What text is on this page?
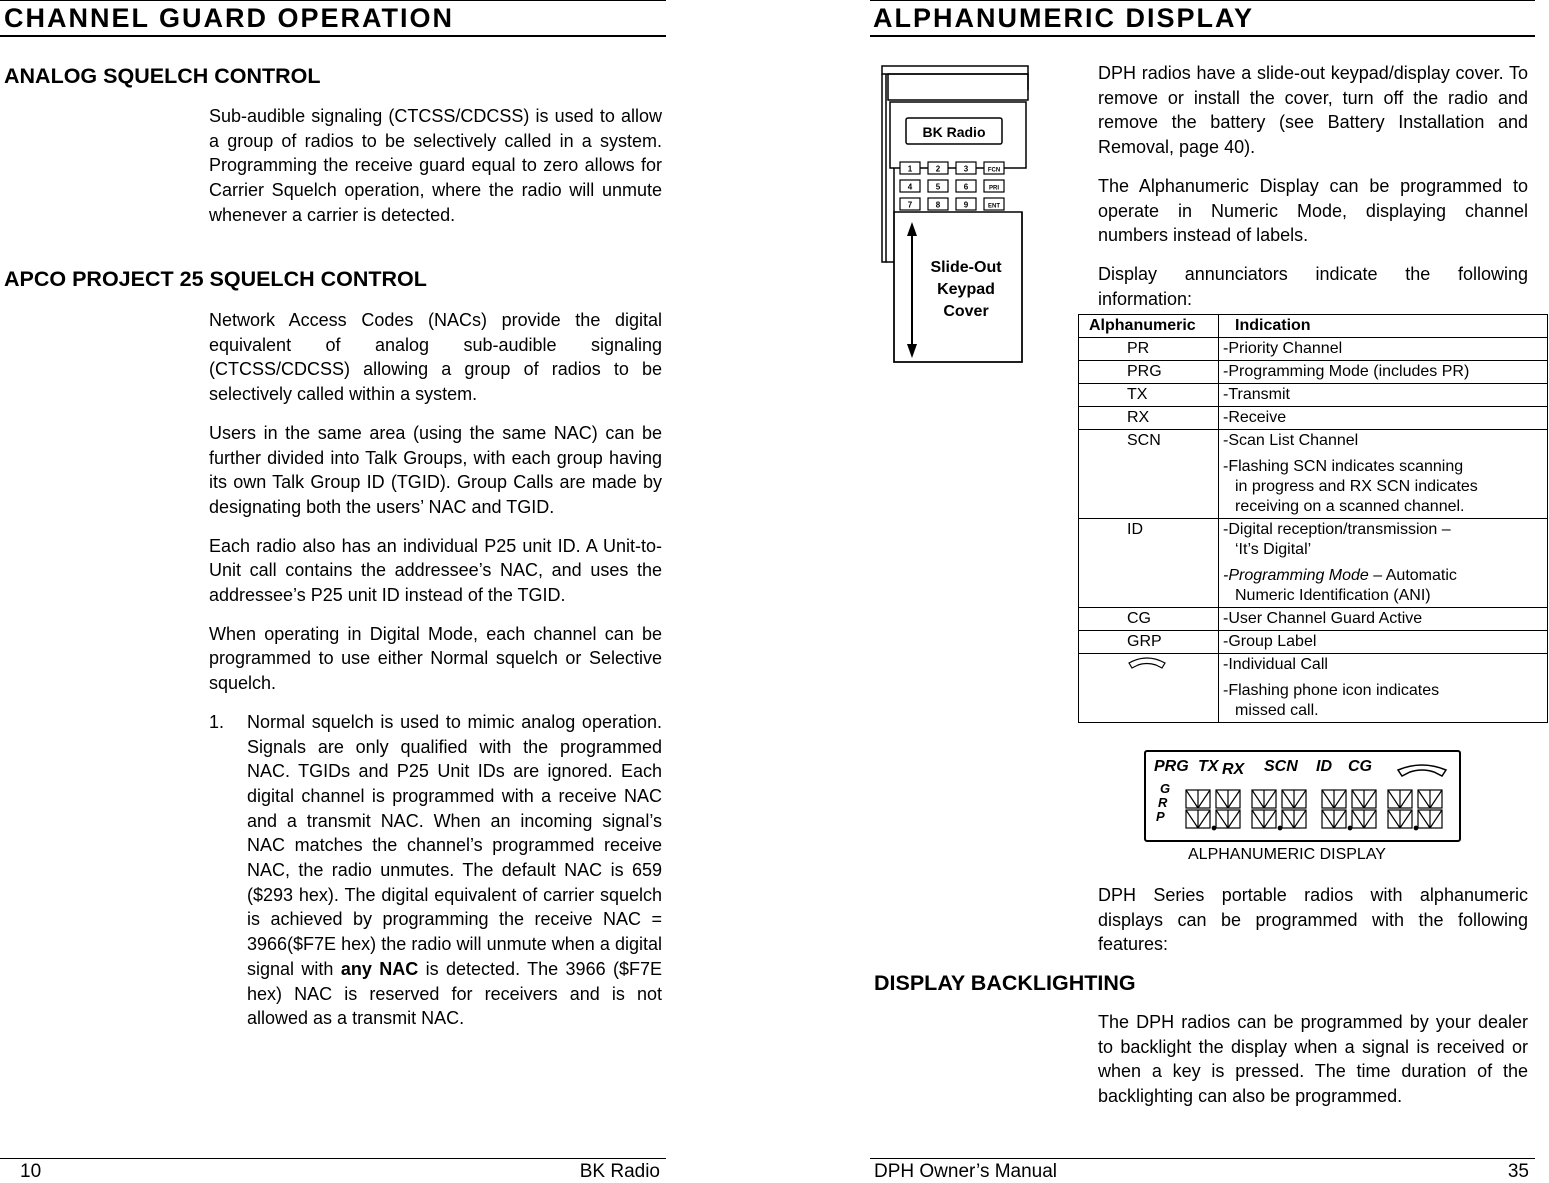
CHANNEL GUARD OPERATION
ANALOG SQUELCH CONTROL

Sub-audible signaling (CTCSS/CDCSS) is used to allow a group of radios to be selectively called in a system. Programming the receive guard equal to zero allows for Carrier Squelch operation, where the radio will unmute whenever a carrier is detected.

APCO PROJECT 25 SQUELCH CONTROL

Network Access Codes (NACs) provide the digital equivalent of analog sub-audible signaling (CTCSS/CDCSS) allowing a group of radios to be selectively called within a system.

Users in the same area (using the same NAC) can be further divided into Talk Groups, with each group having its own Talk Group ID (TGID). Group Calls are made by designating both the users’ NAC and TGID.

Each radio also has an individual P25 unit ID. A Unit-to-Unit call contains the addressee’s NAC, and uses the addressee’s P25 unit ID instead of the TGID.

When operating in Digital Mode, each channel can be programmed to use either Normal squelch or Selective squelch.

1.	Normal squelch is used to mimic analog operation. Signals are only qualified with the programmed NAC. TGIDs and P25 Unit IDs are ignored. Each digital channel is programmed with a receive NAC and a transmit NAC. When an incoming signal’s NAC matches the channel’s programmed receive NAC, the radio unmutes. The default NAC is 659 ($293 hex). The digital equivalent of carrier squelch is achieved by programming the receive NAC = 3966($F7E hex) the radio will unmute when a digital signal with any NAC is detected. The 3966 ($F7E hex) NAC is reserved for receivers and is not allowed as a transmit NAC.
10	BK Radio
ALPHANUMERIC DISPLAY
BK Radio
1	2	3	FCN
4	5	6	PRI
7	8	9	ENT
Slide-Out
Keypad
Cover

DPH radios have a slide-out keypad/display cover. To remove or install the cover, turn off the radio and remove the battery (see Battery Installation and Removal, page 40).

The Alphanumeric Display can be programmed to operate in Numeric Mode, displaying channel numbers instead of labels.

Display annunciators indicate the following information:

Alphanumeric	Indication
PR	-Priority Channel

PRG	-Programming Mode (includes PR)

TX	-Transmit

RX	-Receive

SCN	-Scan List Channel
-Flashing SCN indicates scanning
in progress and RX SCN indicates
receiving on a scanned channel.

ID	-Digital reception/transmission –
‘It’s Digital’
-Programming Mode – Automatic
Numeric Identification (ANI)

CG	-User Channel Guard Active

GRP	-Group Label

-Individual Call
-Flashing phone icon indicates
missed call.
PRG TX RX SCN ID CG
G
R
P
ALPHANUMERIC DISPLAY

DPH Series portable radios with alphanumeric displays can be programmed with the following features:

DISPLAY BACKLIGHTING

The DPH radios can be programmed by your dealer to backlight the display when a signal is received or when a key is pressed. The time duration of the backlighting can also be programmed.

DPH Owner’s Manual	35
